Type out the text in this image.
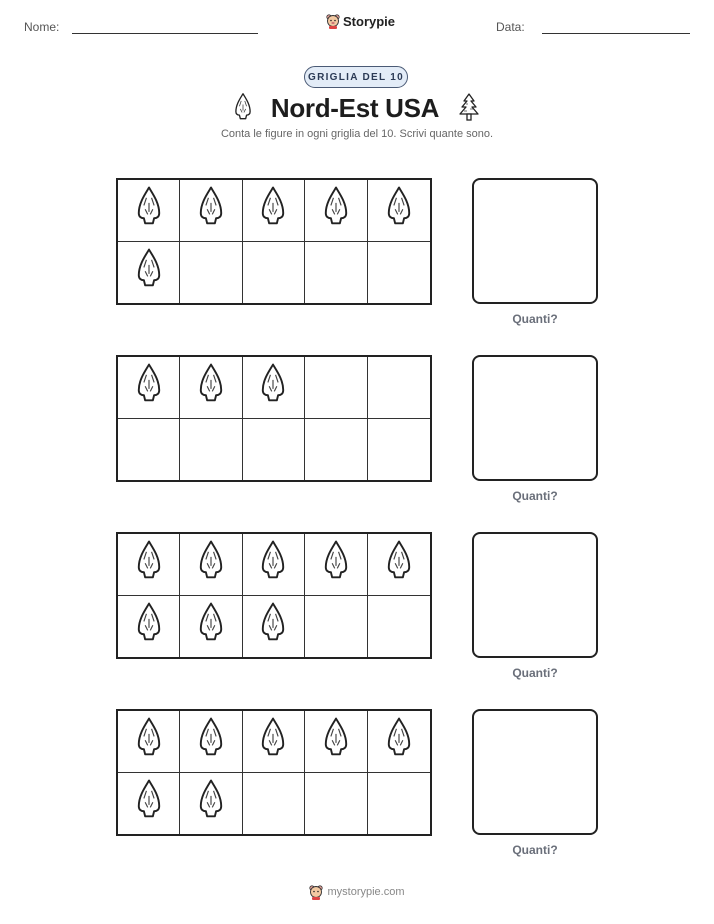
Nome:	Storypie	Data:
GRIGLIA DEL 10
Nord-Est USA
Conta le figure in ogni griglia del 10. Scrivi quante sono.
Quanti?
Quanti?
Quanti?
Quanti?
mystorypie.com
